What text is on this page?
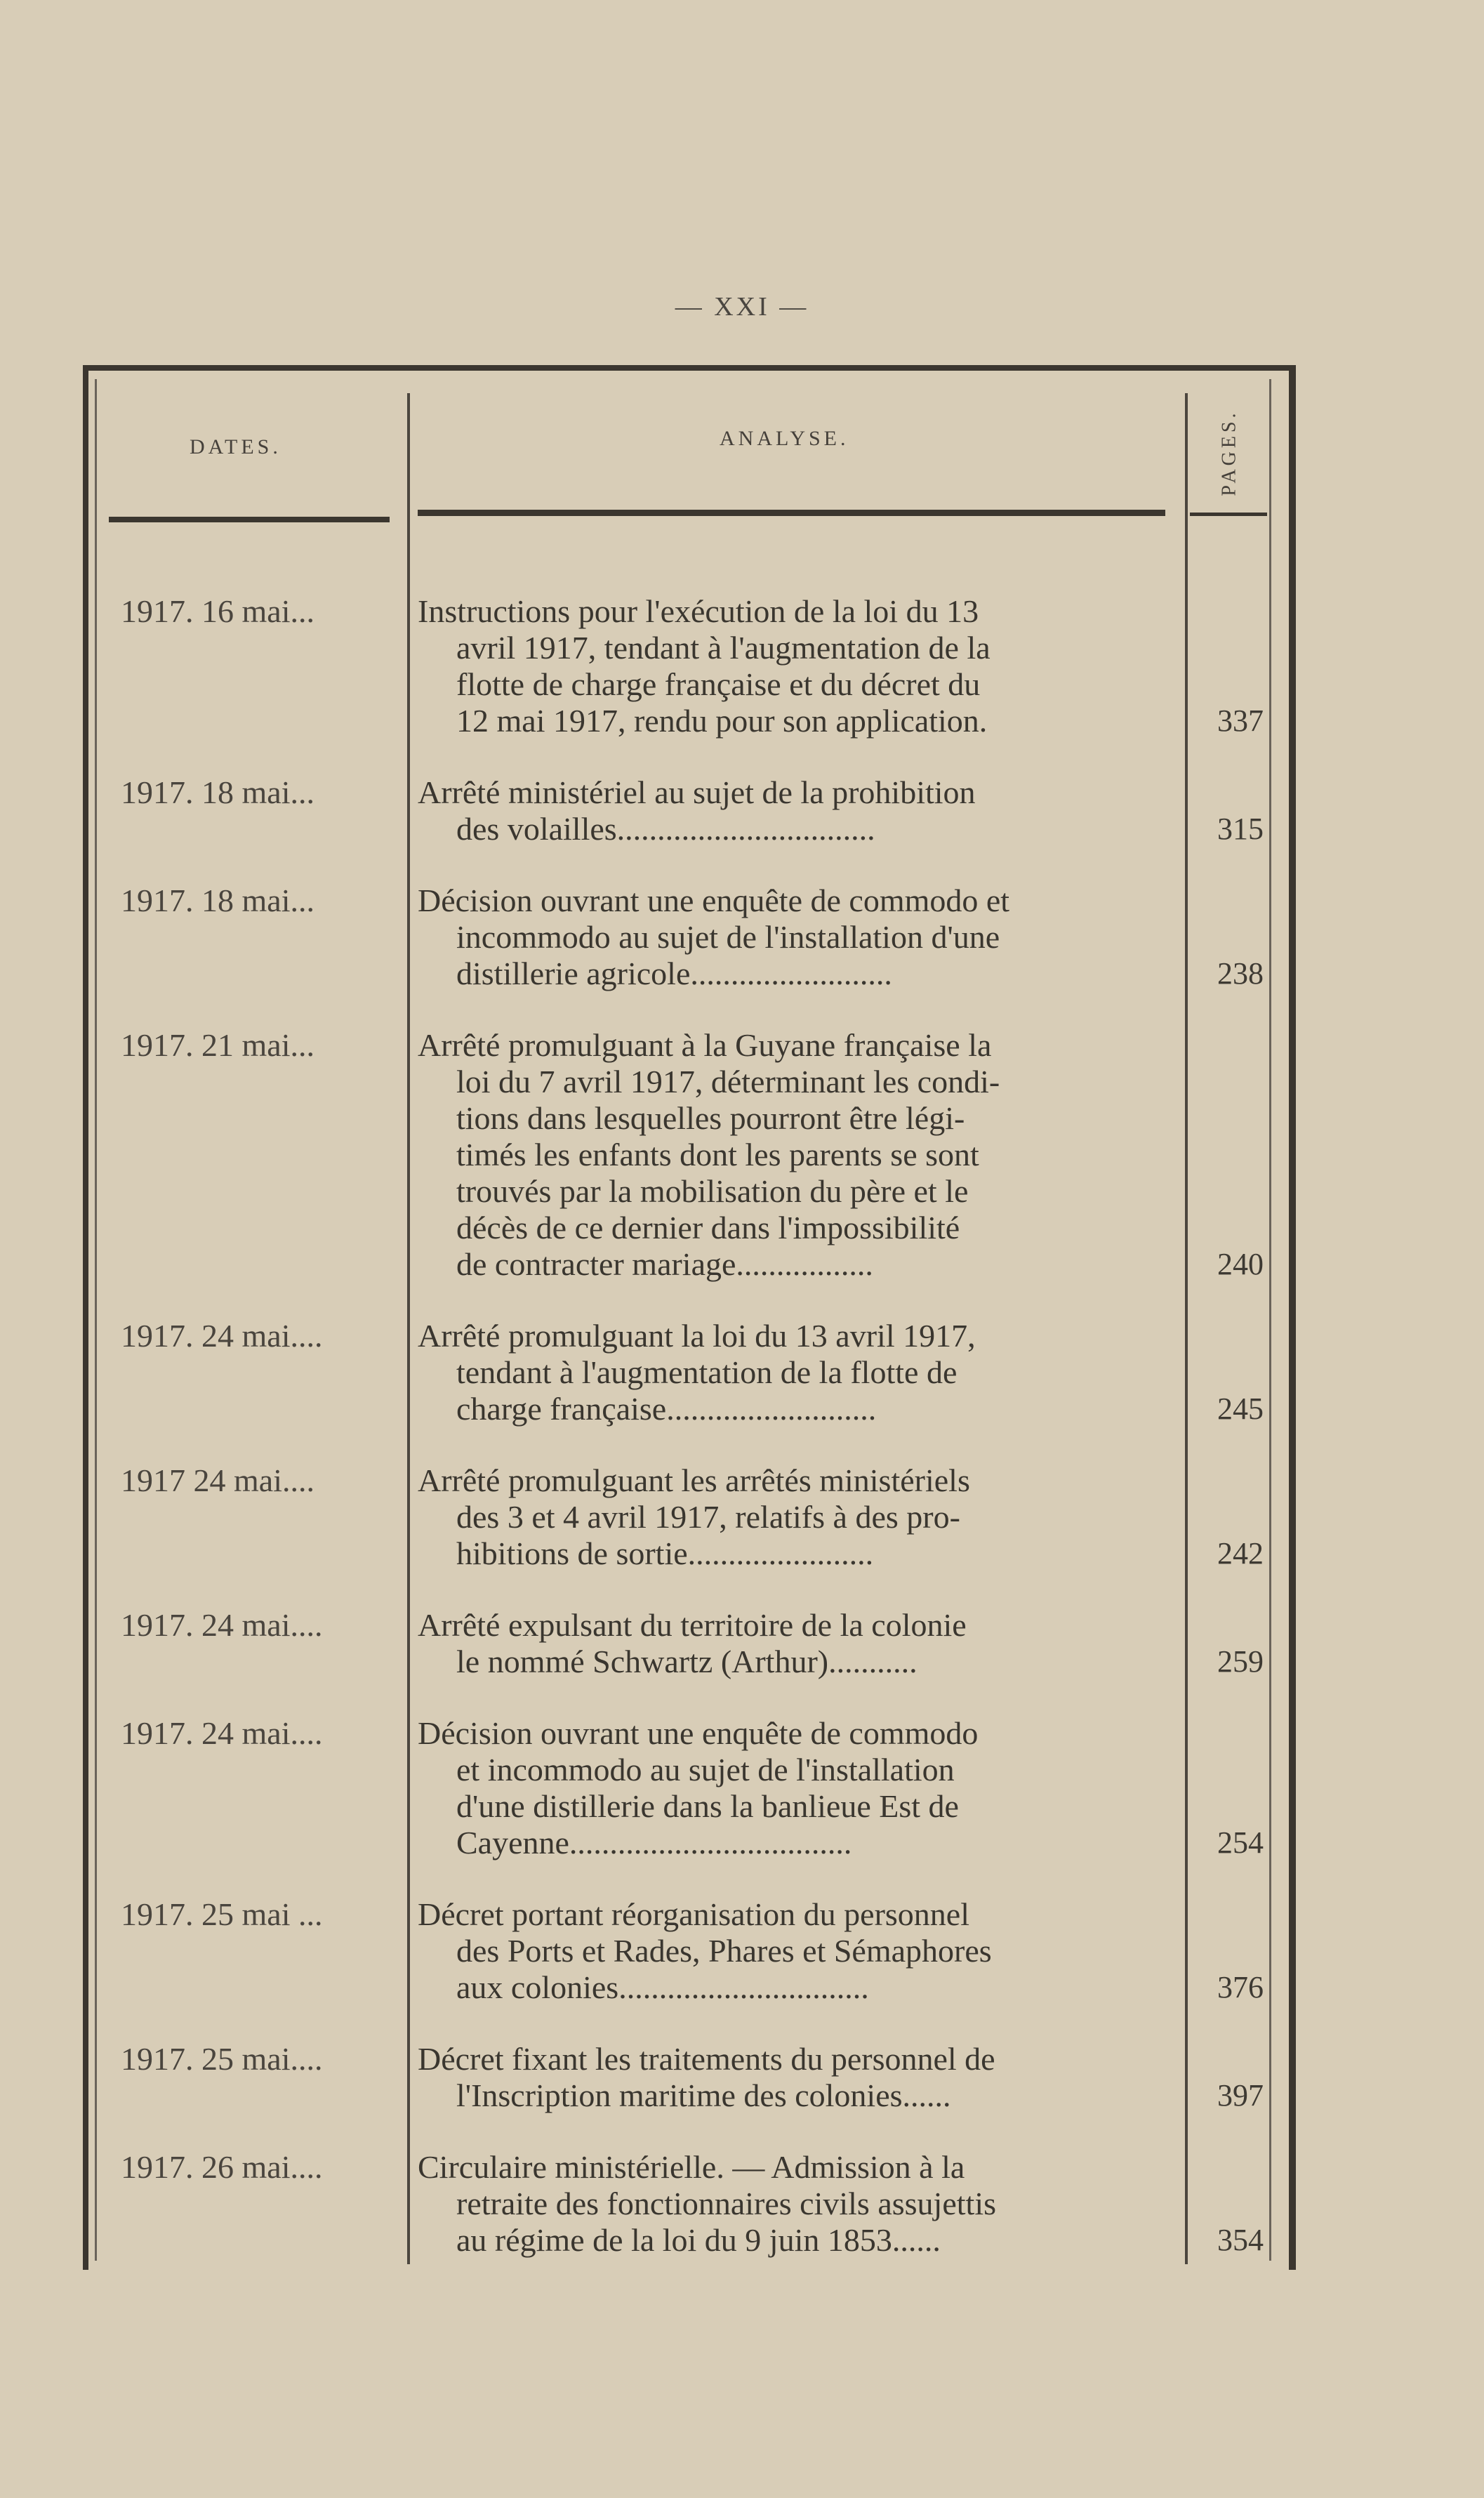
— XXI —
DATES.	ANALYSE.	PAGES.
1917. 16 mai...	Instructions pour l'exécution de la loi du 13
avril 1917, tendant à l'augmentation de la
flotte de charge française et du décret du
12 mai 1917, rendu pour son application.	337
1917. 18 mai...	Arrêté ministériel au sujet de la prohibition
des volailles................................	315
1917. 18 mai...	Décision ouvrant une enquête de commodo et
incommodo au sujet de l'installation d'une
distillerie agricole.........................	238
1917. 21 mai...	Arrêté promulguant à la Guyane française la
loi du 7 avril 1917, déterminant les condi-
tions dans lesquelles pourront être légi-
timés les enfants dont les parents se sont
trouvés par la mobilisation du père et le
décès de ce dernier dans l'impossibilité
de contracter mariage.................	240
1917. 24 mai....	Arrêté promulguant la loi du 13 avril 1917,
tendant à l'augmentation de la flotte de
charge française..........................	245
1917 24 mai....	Arrêté promulguant les arrêtés ministériels
des 3 et 4 avril 1917, relatifs à des pro-
hibitions de sortie.......................	242
1917. 24 mai....	Arrêté expulsant du territoire de la colonie
le nommé Schwartz (Arthur)...........	259
1917. 24 mai....	Décision ouvrant une enquête de commodo
et incommodo au sujet de l'installation
d'une distillerie dans la banlieue Est de
Cayenne...................................	254
1917. 25 mai ...	Décret portant réorganisation du personnel
des Ports et Rades, Phares et Sémaphores
aux colonies...............................	376
1917. 25 mai....	Décret fixant les traitements du personnel de
l'Inscription maritime des colonies......	397
1917. 26 mai....	Circulaire ministérielle. — Admission à la
retraite des fonctionnaires civils assujettis
au régime de la loi du 9 juin 1853......	354
